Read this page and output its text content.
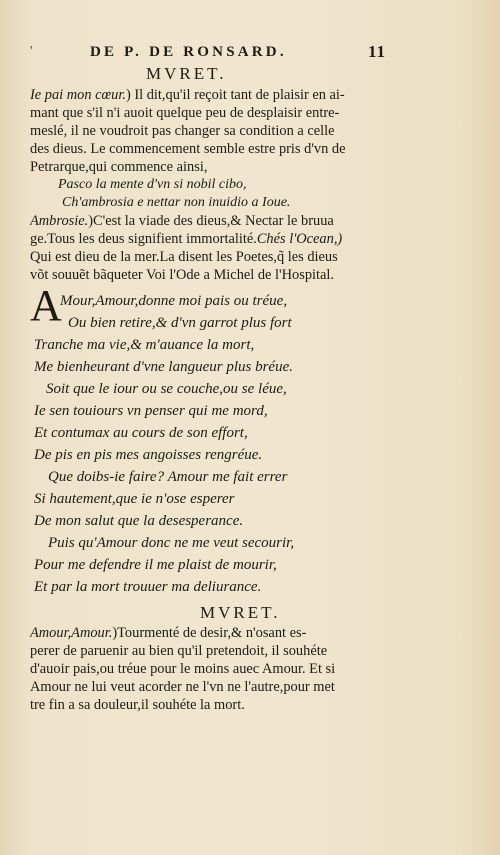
'	DE P. DE RONSARD.	11
MVRET.
Ie pai mon cœur.) Il dit,qu'il reçoit tant de plaisir en ai-
mant que s'il n'i auoit quelque peu de desplaisir entre-
meslé, il ne voudroit pas changer sa condition a celle
des dieus. Le commencement semble estre pris d'vn de
Petrarque,qui commence ainsi,
Pasco la mente d'vn si nobil cibo,
Ch'ambrosia e nettar non inuidio a Ioue.
Ambrosie.)C'est la viade des dieus,& Nectar le bruua
ge.Tous les deus signifient immortalité.Chés l'Ocean,)
Qui est dieu de la mer.La disent les Poetes,q̃ les dieus
võt souuẽt bãqueter Voi l'Ode a Michel de l'Hospital.
A
Mour,Amour,donne moi pais ou tréue,
Ou bien retire,& d'vn garrot plus fort
Tranche ma vie,& m'auance la mort,
Me bienheurant d'vne langueur plus bréue.
Soit que le iour ou se couche,ou se léue,
Ie sen touiours vn penser qui me mord,
Et contumax au cours de son effort,
De pis en pis mes angoisses rengréue.
Que doibs-ie faire? Amour me fait errer
Si hautement,que ie n'ose esperer
De mon salut que la desesperance.
Puis qu'Amour donc ne me veut secourir,
Pour me defendre il me plaist de mourir,
Et par la mort trouuer ma deliurance.
MVRET.
Amour,Amour.)Tourmenté de desir,& n'osant es-
perer de paruenir au bien qu'il pretendoit, il souhéte
d'auoir pais,ou tréue pour le moins auec Amour. Et si
Amour ne lui veut acorder ne l'vn ne l'autre,pour met
tre fin a sa douleur,il souhéte la mort.
